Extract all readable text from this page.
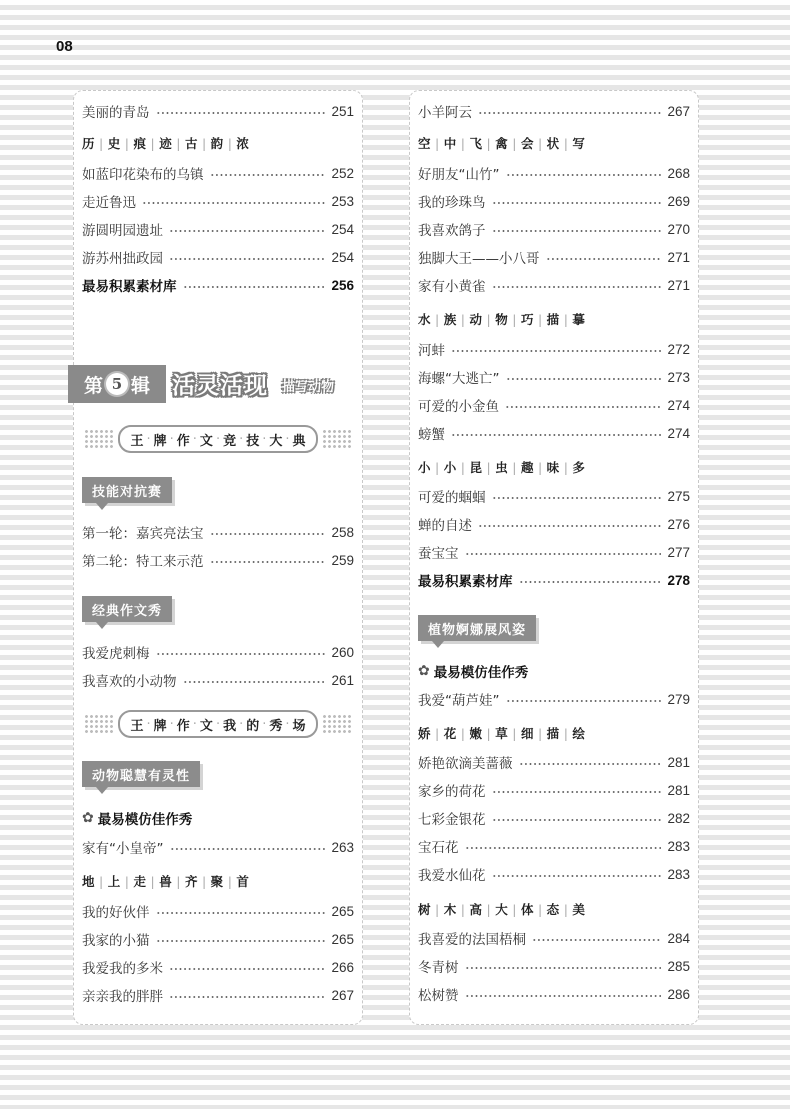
08
美丽的青岛	251
历 | 史 | 痕 | 迹 | 古 | 韵 | 浓
如蓝印花染布的乌镇	252
走近鲁迅	253
游圆明园遗址	254
游苏州拙政园	254
最易积累素材库	256
第 5 辑 活灵活现 描写动物
王 · 牌 · 作 · 文 · 竞 · 技 · 大 · 典
技能对抗赛
第一轮：嘉宾亮法宝	258
第二轮：特工来示范	259
经典作文秀
我爱虎刺梅	260
我喜欢的小动物	261
王 · 牌 · 作 · 文 · 我 · 的 · 秀 · 场
动物聪慧有灵性
✿ 最易模仿佳作秀
家有“小皇帝”	263
地 | 上 | 走 | 兽 | 齐 | 聚 | 首
我的好伙伴	265
我家的小猫	265
我爱我的多米	266
亲亲我的胖胖	267
小羊阿云	267
空 | 中 | 飞 | 禽 | 会 | 状 | 写
好朋友“山竹”	268
我的珍珠鸟	269
我喜欢鸽子	270
独脚大王——小八哥	271
家有小黄雀	271
水 | 族 | 动 | 物 | 巧 | 描 | 摹
河蚌	272
海螺“大逃亡”	273
可爱的小金鱼	274
螃蟹	274
小 | 小 | 昆 | 虫 | 趣 | 味 | 多
可爱的蝈蝈	275
蝉的自述	276
蚕宝宝	277
最易积累素材库	278
植物婀娜展风姿
✿ 最易模仿佳作秀
我爱“葫芦娃”	279
娇 | 花 | 嫩 | 草 | 细 | 描 | 绘
娇艳欲滴美蔷薇	281
家乡的荷花	281
七彩金银花	282
宝石花	283
我爱水仙花	283
树 | 木 | 高 | 大 | 体 | 态 | 美
我喜爱的法国梧桐	284
冬青树	285
松树赞	286
